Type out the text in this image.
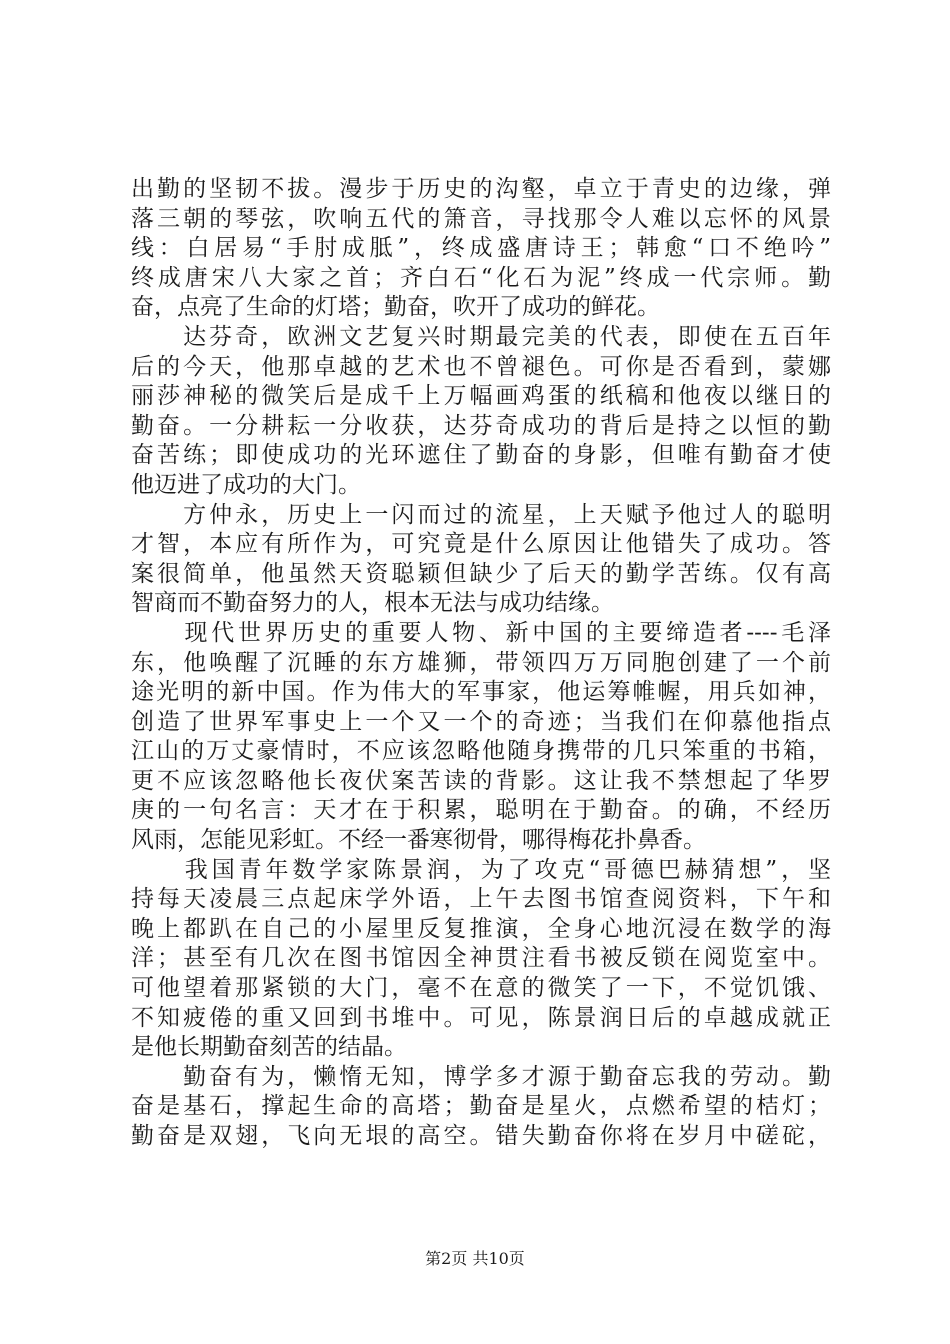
出勤的坚韧不拔。漫步于历史的沟壑，卓立于青史的边缘，弹
落三朝的琴弦，吹响五代的箫音，寻找那令人难以忘怀的风景
线：白居易“手肘成胝”，终成盛唐诗王；韩愈“口不绝吟”
终成唐宋八大家之首；齐白石“化石为泥”终成一代宗师。勤
奋，点亮了生命的灯塔；勤奋，吹开了成功的鲜花。
　　达芬奇，欧洲文艺复兴时期最完美的代表，即使在五百年
后的今天，他那卓越的艺术也不曾褪色。可你是否看到，蒙娜
丽莎神秘的微笑后是成千上万幅画鸡蛋的纸稿和他夜以继日的
勤奋。一分耕耘一分收获，达芬奇成功的背后是持之以恒的勤
奋苦练；即使成功的光环遮住了勤奋的身影，但唯有勤奋才使
他迈进了成功的大门。
　　方仲永，历史上一闪而过的流星，上天赋予他过人的聪明
才智，本应有所作为，可究竟是什么原因让他错失了成功。答
案很简单，他虽然天资聪颖但缺少了后天的勤学苦练。仅有高
智商而不勤奋努力的人，根本无法与成功结缘。
　　现代世界历史的重要人物、新中国的主要缔造者----毛泽
东，他唤醒了沉睡的东方雄狮，带领四万万同胞创建了一个前
途光明的新中国。作为伟大的军事家，他运筹帷幄，用兵如神，
创造了世界军事史上一个又一个的奇迹；当我们在仰慕他指点
江山的万丈豪情时，不应该忽略他随身携带的几只笨重的书箱，
更不应该忽略他长夜伏案苦读的背影。这让我不禁想起了华罗
庚的一句名言：天才在于积累，聪明在于勤奋。的确，不经历
风雨，怎能见彩虹。不经一番寒彻骨，哪得梅花扑鼻香。
　　我国青年数学家陈景润，为了攻克“哥德巴赫猜想”，坚
持每天凌晨三点起床学外语，上午去图书馆查阅资料，下午和
晚上都趴在自己的小屋里反复推演，全身心地沉浸在数学的海
洋；甚至有几次在图书馆因全神贯注看书被反锁在阅览室中。
可他望着那紧锁的大门，毫不在意的微笑了一下，不觉饥饿、
不知疲倦的重又回到书堆中。可见，陈景润日后的卓越成就正
是他长期勤奋刻苦的结晶。
　　勤奋有为，懒惰无知，博学多才源于勤奋忘我的劳动。勤
奋是基石，撑起生命的高塔；勤奋是星火，点燃希望的桔灯；
勤奋是双翅，飞向无垠的高空。错失勤奋你将在岁月中磋砣，
第2页 共10页
